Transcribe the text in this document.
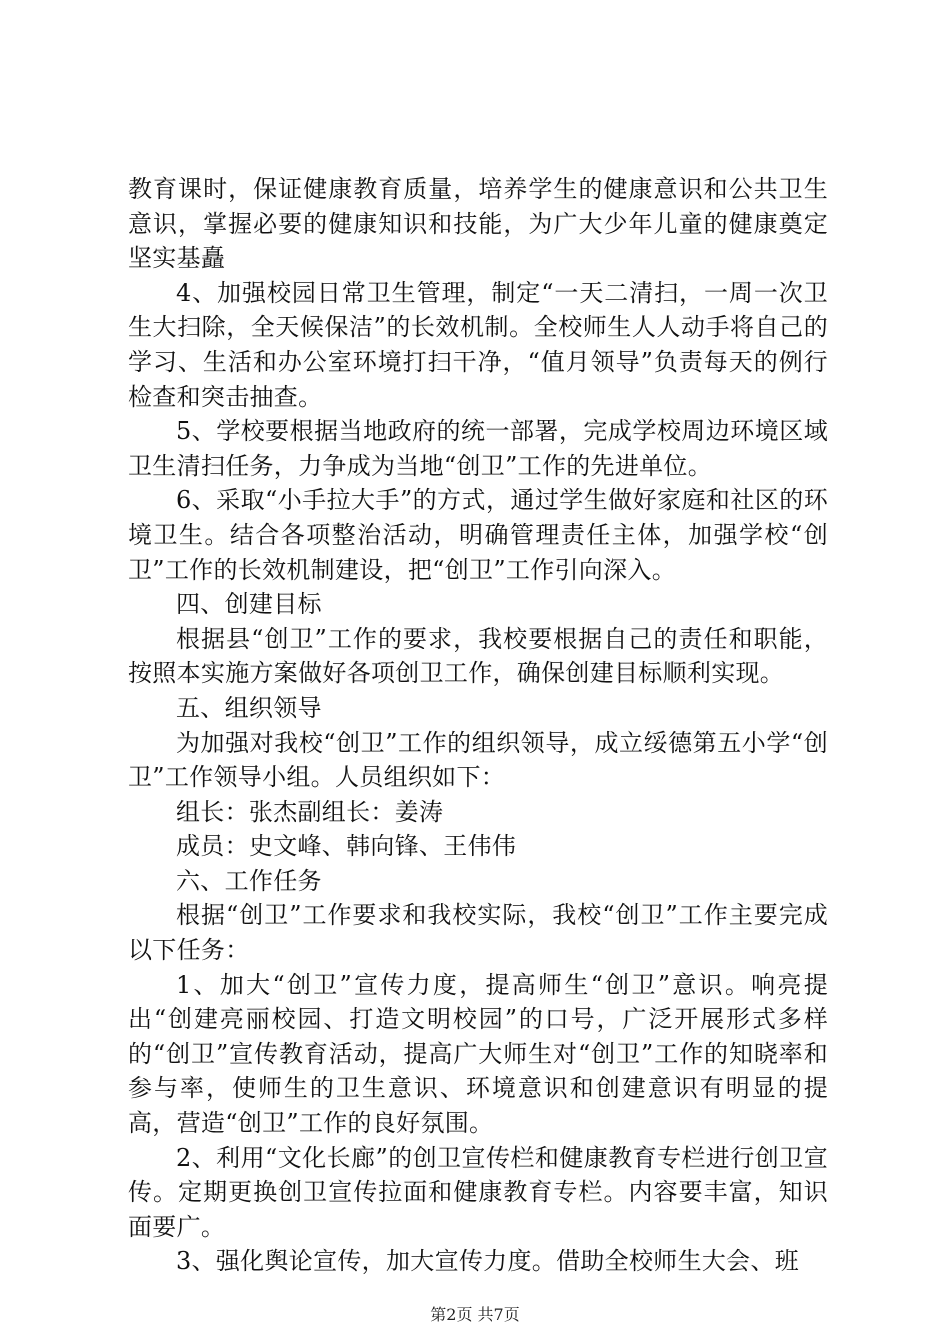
教育课时，保证健康教育质量，培养学生的健康意识和公共卫生意识，掌握必要的健康知识和技能，为广大少年儿童的健康奠定坚实基矗

4、加强校园日常卫生管理，制定“一天二清扫，一周一次卫生大扫除，全天候保洁”的长效机制。全校师生人人动手将自己的学习、生活和办公室环境打扫干净，“值月领导”负责每天的例行检查和突击抽查。

5、学校要根据当地政府的统一部署，完成学校周边环境区域卫生清扫任务，力争成为当地“创卫”工作的先进单位。

6、采取“小手拉大手”的方式，通过学生做好家庭和社区的环境卫生。结合各项整治活动，明确管理责任主体，加强学校“创卫”工作的长效机制建设，把“创卫”工作引向深入。

四、创建目标

根据县“创卫”工作的要求，我校要根据自己的责任和职能，按照本实施方案做好各项创卫工作，确保创建目标顺利实现。

五、组织领导

为加强对我校“创卫”工作的组织领导，成立绥德第五小学“创卫”工作领导小组。人员组织如下：

组长：张杰副组长：姜涛

成员：史文峰、韩向锋、王伟伟

六、工作任务

根据“创卫”工作要求和我校实际，我校“创卫”工作主要完成以下任务：

1、加大“创卫”宣传力度，提高师生“创卫”意识。响亮提出“创建亮丽校园、打造文明校园”的口号，广泛开展形式多样的“创卫”宣传教育活动，提高广大师生对“创卫”工作的知晓率和参与率，使师生的卫生意识、环境意识和创建意识有明显的提高，营造“创卫”工作的良好氛围。

2、利用“文化长廊”的创卫宣传栏和健康教育专栏进行创卫宣传。定期更换创卫宣传拉面和健康教育专栏。内容要丰富，知识面要广。

3、强化舆论宣传，加大宣传力度。借助全校师生大会、班

第2页 共7页
